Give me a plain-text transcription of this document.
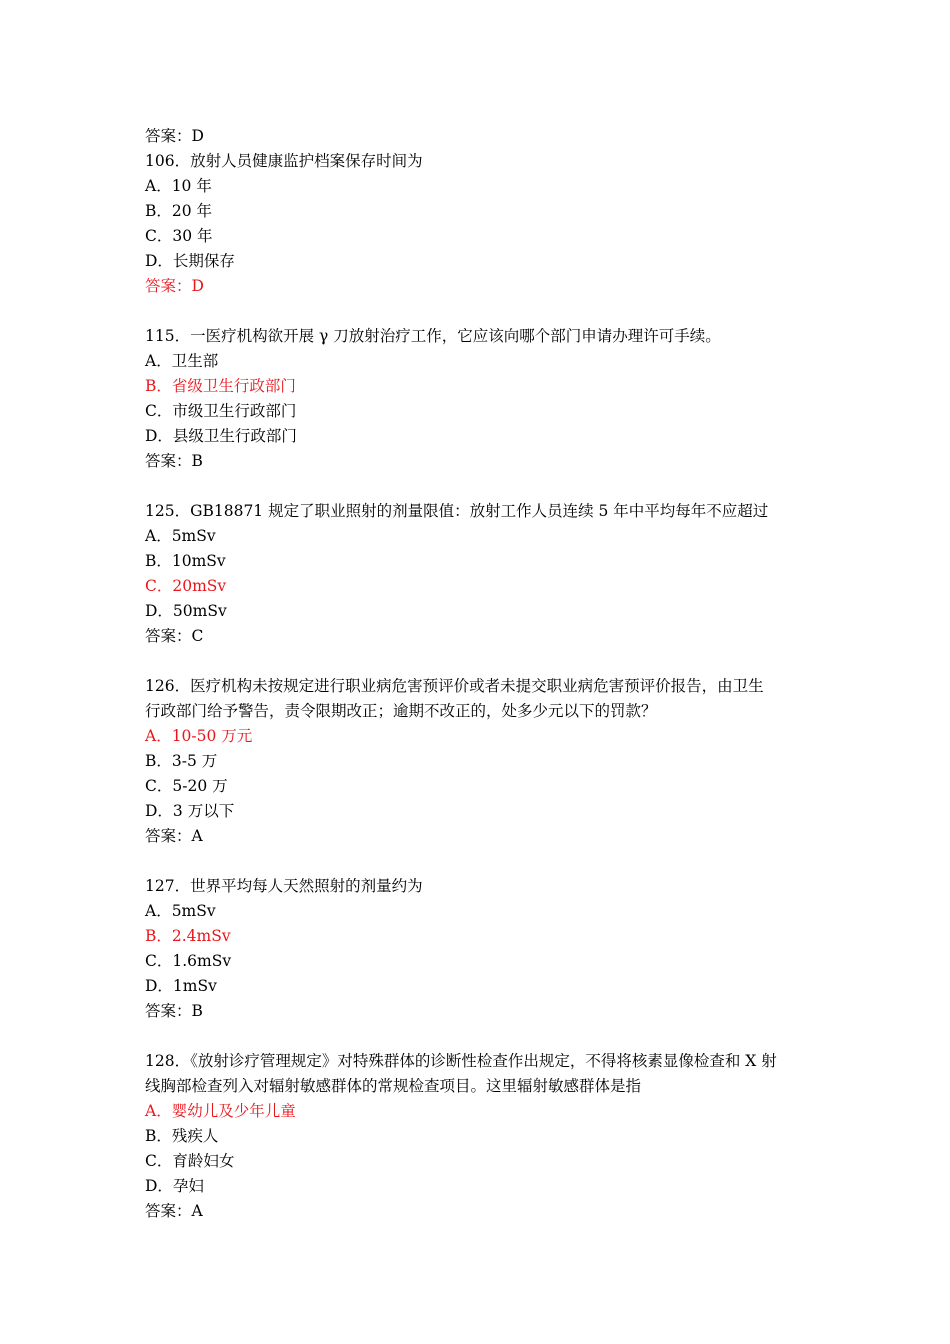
答案：D
106．放射人员健康监护档案保存时间为
A．10 年
B．20 年
C．30 年
D．长期保存
答案：D
115．一医疗机构欲开展 γ 刀放射治疗工作，它应该向哪个部门申请办理许可手续。
A．卫生部
B．省级卫生行政部门
C．市级卫生行政部门
D．县级卫生行政部门
答案：B
125．GB18871 规定了职业照射的剂量限值：放射工作人员连续 5 年中平均每年不应超过
A．5mSv
B．10mSv
C．20mSv
D．50mSv
答案：C
126．医疗机构未按规定进行职业病危害预评价或者未提交职业病危害预评价报告，由卫生
行政部门给予警告，责令限期改正；逾期不改正的，处多少元以下的罚款？
A．10-50 万元
B．3-5 万
C．5-20 万
D．3 万以下
答案：A
127．世界平均每人天然照射的剂量约为
A．5mSv
B．2.4mSv
C．1.6mSv
D．1mSv
答案：B
128．《放射诊疗管理规定》对特殊群体的诊断性检查作出规定，不得将核素显像检查和 X 射
线胸部检查列入对辐射敏感群体的常规检查项目。这里辐射敏感群体是指
A．婴幼儿及少年儿童
B．残疾人
C．育龄妇女
D．孕妇
答案：A
